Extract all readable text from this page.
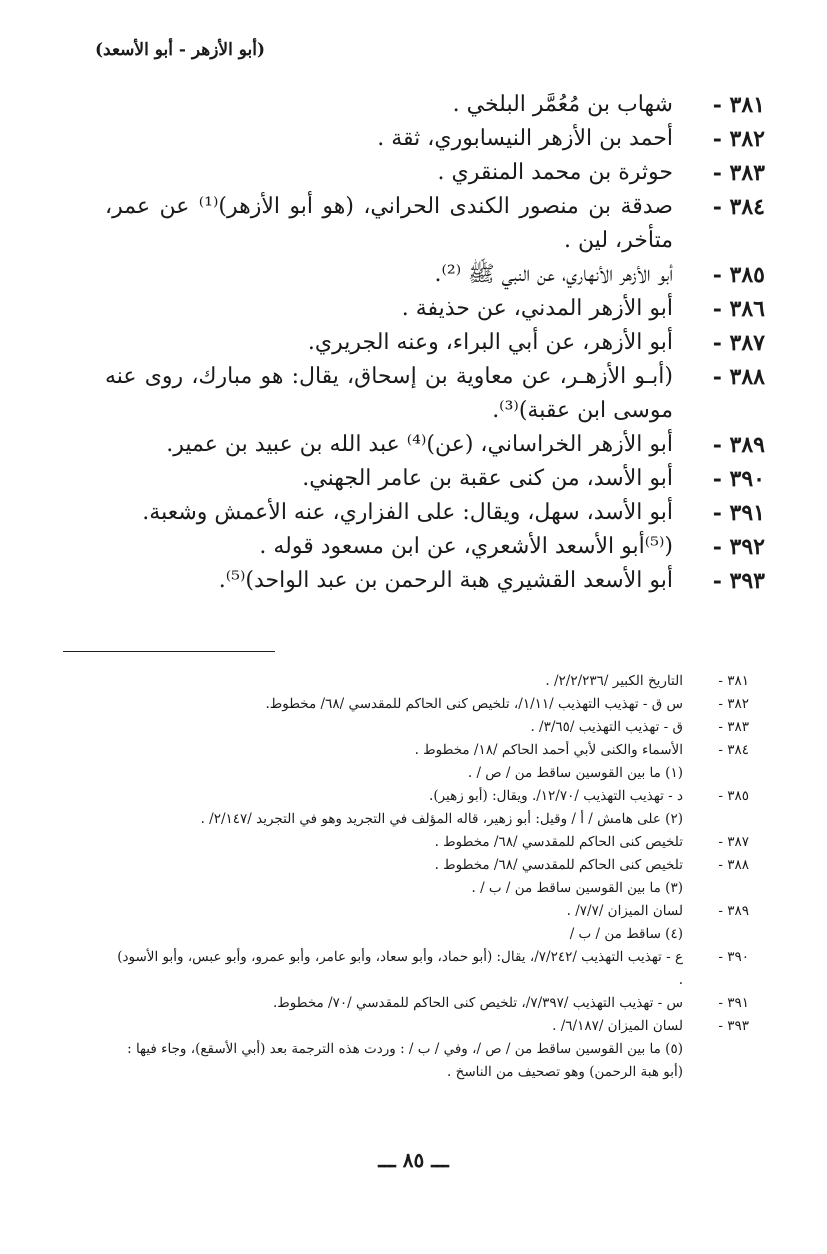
(أبو الأزهر - أبو الأسعد)
٣٨١ -
شهاب بن مُعُمَّر البلخي .
٣٨٢ -
أحمد بن الأزهر النيسابوري، ثقة .
٣٨٣ -
حوثرة بن محمد المنقري .
٣٨٤ -
صدقة بن منصور الكندى الحراني، (هو أبو الأزهر)⁽¹⁾ عن عمر، متأخر، لين .
٣٨٥ -
أبو الأزهر الأنهاري، عن النبي ﷺ ⁽²⁾.
٣٨٦ -
أبو الأزهر المدني، عن حذيفة .
٣٨٧ -
أبو الأزهر، عن أبي البراء، وعنه الجريري.
٣٨٨ -
(أبـو الأزهـر، عن معاوية بن إسحاق، يقال: هو مبارك، روى عنه موسى ابن عقبة)⁽³⁾.
٣٨٩ -
أبو الأزهر الخراساني، (عن)⁽⁴⁾ عبد الله بن عبيد بن عمير.
٣٩٠ -
أبو الأسد، من كنى عقبة بن عامر الجهني.
٣٩١ -
أبو الأسد، سهل، ويقال: على الفزاري، عنه الأعمش وشعبة.
٣٩٢ -
(⁽⁵⁾أبو الأسعد الأشعري، عن ابن مسعود قوله .
٣٩٣ -
أبو الأسعد القشيري هبة الرحمن بن عبد الواحد)⁽⁵⁾.
٣٨١ -
التاريخ الكبير /٢/٢/٢٣٦/ .
٣٨٢ -
س ق - تهذيب التهذيب /١/١١/، تلخيص كنى الحاكم للمقدسي /٦٨/ مخطوط.
٣٨٣ -
ق - تهذيب التهذيب /٣/٦٥/ .
٣٨٤ -
الأسماء والكنى لأبي أحمد الحاكم /١٨/ مخطوط .
(١) ما بين القوسين ساقط من / ص / .
٣٨٥ -
د - تهذيب التهذيب /١٢/٧٠/. ويقال: (أبو زهير).
(٢) على هامش / أ / وقيل: أبو زهير، قاله المؤلف في التجريد وهو في التجريد /٢/١٤٧/ .
٣٨٧ -
تلخيص كنى الحاكم للمقدسي /٦٨/ مخطوط .
٣٨٨ -
تلخيص كنى الحاكم للمقدسي /٦٨/ مخطوط .
(٣) ما بين القوسين ساقط من / ب / .
٣٨٩ -
لسان الميزان /٧/٧/ .
(٤) ساقط من / ب /
٣٩٠ -
ع - تهذيب التهذيب /٧/٢٤٢/، يقال: (أبو حماد، وأبو سعاد، وأبو عامر، وأبو عمرو، وأبو عبس، وأبو الأسود) .
٣٩١ -
س - تهذيب التهذيب /٧/٣٩٧/، تلخيص كنى الحاكم للمقدسي /٧٠/ مخطوط.
٣٩٣ -
لسان الميزان /٦/١٨٧/ .
(٥) ما بين القوسين ساقط من / ص /، وفي / ب / : وردت هذه الترجمة بعد (أبي الأسقع)، وجاء فيها : (أبو هبة الرحمن) وهو تصحيف من الناسخ .
ـــ ٨٥ ـــ
